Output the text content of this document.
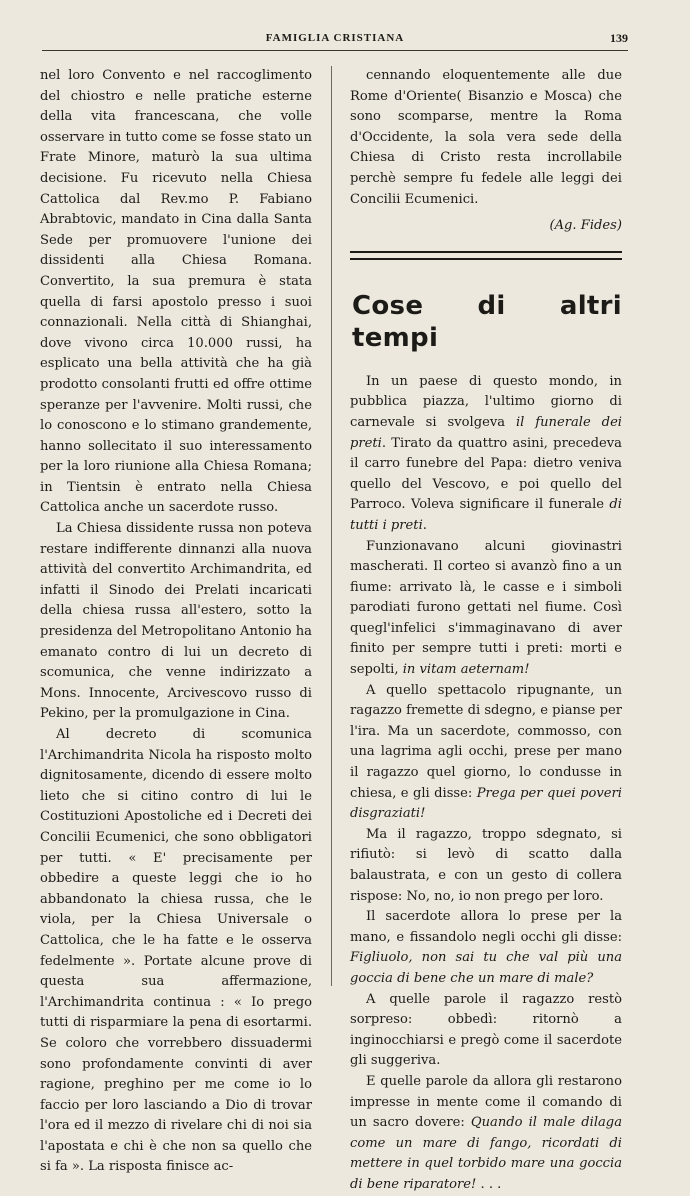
FAMIGLIA CRISTIANA	139

nel loro Convento e nel raccoglimento del chiostro e nelle pratiche esterne della vita francescana, che volle osservare in tutto come se fosse stato un Frate Minore, maturò la sua ultima decisione. Fu ricevuto nella Chiesa Cattolica dal Rev.mo P. Fabiano Abrabtovic, mandato in Cina dalla Santa Sede per promuovere l'unione dei dissidenti alla Chiesa Romana. Convertito, la sua premura è stata quella di farsi apostolo presso i suoi connazionali. Nella città di Shianghai, dove vivono circa 10.000 russi, ha esplicato una bella attività che ha già prodotto consolanti frutti ed offre ottime speranze per l'avvenire. Molti russi, che lo conoscono e lo stimano grandemente, hanno sollecitato il suo interessamento per la loro riunione alla Chiesa Romana; in Tientsin è entrato nella Chiesa Cattolica anche un sacerdote russo.

La Chiesa dissidente russa non poteva restare indifferente dinnanzi alla nuova attività del convertito Archimandrita, ed infatti il Sinodo dei Prelati incaricati della chiesa russa all'estero, sotto la presidenza del Metropolitano Antonio ha emanato contro di lui un decreto di scomunica, che venne indirizzato a Mons. Innocente, Arcivescovo russo di Pekino, per la promulgazione in Cina.

Al decreto di scomunica l'Archimandrita Nicola ha risposto molto dignitosamente, dicendo di essere molto lieto che si citino contro di lui le Costituzioni Apostoliche ed i Decreti dei Concilii Ecumenici, che sono obbligatori per tutti. « E' precisamente per obbedire a queste leggi che io ho abbandonato la chiesa russa, che le viola, per la Chiesa Universale o Cattolica, che le ha fatte e le osserva fedelmente ». Portate alcune prove di questa sua affermazione, l'Archimandrita continua : « Io prego tutti di risparmiare la pena di esortarmi. Se coloro che vorrebbero dissuadermi sono profondamente convinti di aver ragione, preghino per me come io lo faccio per loro lasciando a Dio di trovar l'ora ed il mezzo di rivelare chi di noi sia l'apostata e chi è che non sa quello che si fa ». La risposta finisce ac-

cennando eloquentemente alle due Rome d'Oriente( Bisanzio e Mosca) che sono scomparse, mentre la Roma d'Occidente, la sola vera sede della Chiesa di Cristo resta incrollabile perchè sempre fu fedele alle leggi dei Concilii Ecumenici.

(Ag. Fides)

Cose di altri tempi

In un paese di questo mondo, in pubblica piazza, l'ultimo giorno di carnevale si svolgeva il funerale dei preti. Tirato da quattro asini, precedeva il carro funebre del Papa: dietro veniva quello del Vescovo, e poi quello del Parroco. Voleva significare il funerale di tutti i preti.

Funzionavano alcuni giovinastri mascherati. Il corteo si avanzò fino a un fiume: arrivato là, le casse e i simboli parodiati furono gettati nel fiume. Così quegl'infelici s'immaginavano di aver finito per sempre tutti i preti: morti e sepolti, in vitam aeternam!

A quello spettacolo ripugnante, un ragazzo fremette di sdegno, e pianse per l'ira. Ma un sacerdote, commosso, con una lagrima agli occhi, prese per mano il ragazzo quel giorno, lo condusse in chiesa, e gli disse: Prega per quei poveri disgraziati!

Ma il ragazzo, troppo sdegnato, si rifiutò: si levò di scatto dalla balaustrata, e con un gesto di collera rispose: No, no, io non prego per loro.

Il sacerdote allora lo prese per la mano, e fissandolo negli occhi gli disse: Figliuolo, non sai tu che val più una goccia di bene che un mare di male?

A quelle parole il ragazzo restò sorpreso: obbedì: ritornò a inginocchiarsi e pregò come il sacerdote gli suggeriva.

E quelle parole da allora gli restarono impresse in mente come il comando di un sacro dovere: Quando il male dilaga come un mare di fango, ricordati di mettere in quel torbido mare una goccia di bene riparatore! . . .
